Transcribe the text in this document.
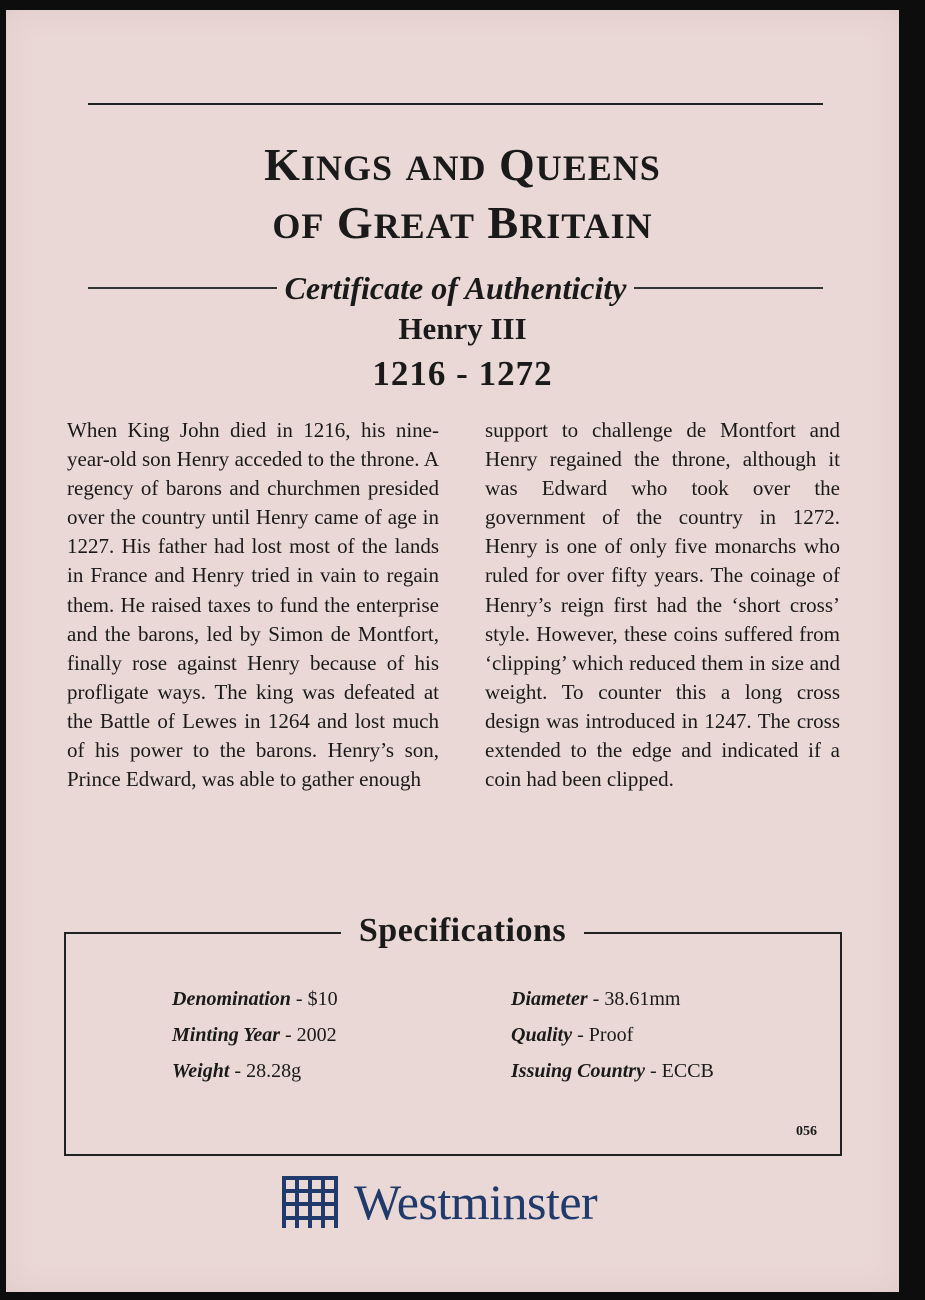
KINGS AND QUEENS
OF GREAT BRITAIN
Certificate of Authenticity
Henry III
1216 - 1272
When King John died in 1216, his nine-year-old son Henry acceded to the throne. A regency of barons and churchmen presided over the country until Henry came of age in 1227. His father had lost most of the lands in France and Henry tried in vain to regain them. He raised taxes to fund the enterprise and the barons, led by Simon de Montfort, finally rose against Henry because of his profligate ways. The king was defeated at the Battle of Lewes in 1264 and lost much of his power to the barons. Henry’s son, Prince Edward, was able to gather enough
support to challenge de Montfort and Henry regained the throne, although it was Edward who took over the government of the country in 1272. Henry is one of only five monarchs who ruled for over fifty years. The coinage of Henry’s reign first had the ‘short cross’ style. However, these coins suffered from ‘clipping’ which reduced them in size and weight. To counter this a long cross design was introduced in 1247. The cross extended to the edge and indicated if a coin had been clipped.
Specifications
Denomination - $10
Minting Year - 2002
Weight - 28.28g
Diameter - 38.61mm
Quality - Proof
Issuing Country - ECCB
056
Westminster
